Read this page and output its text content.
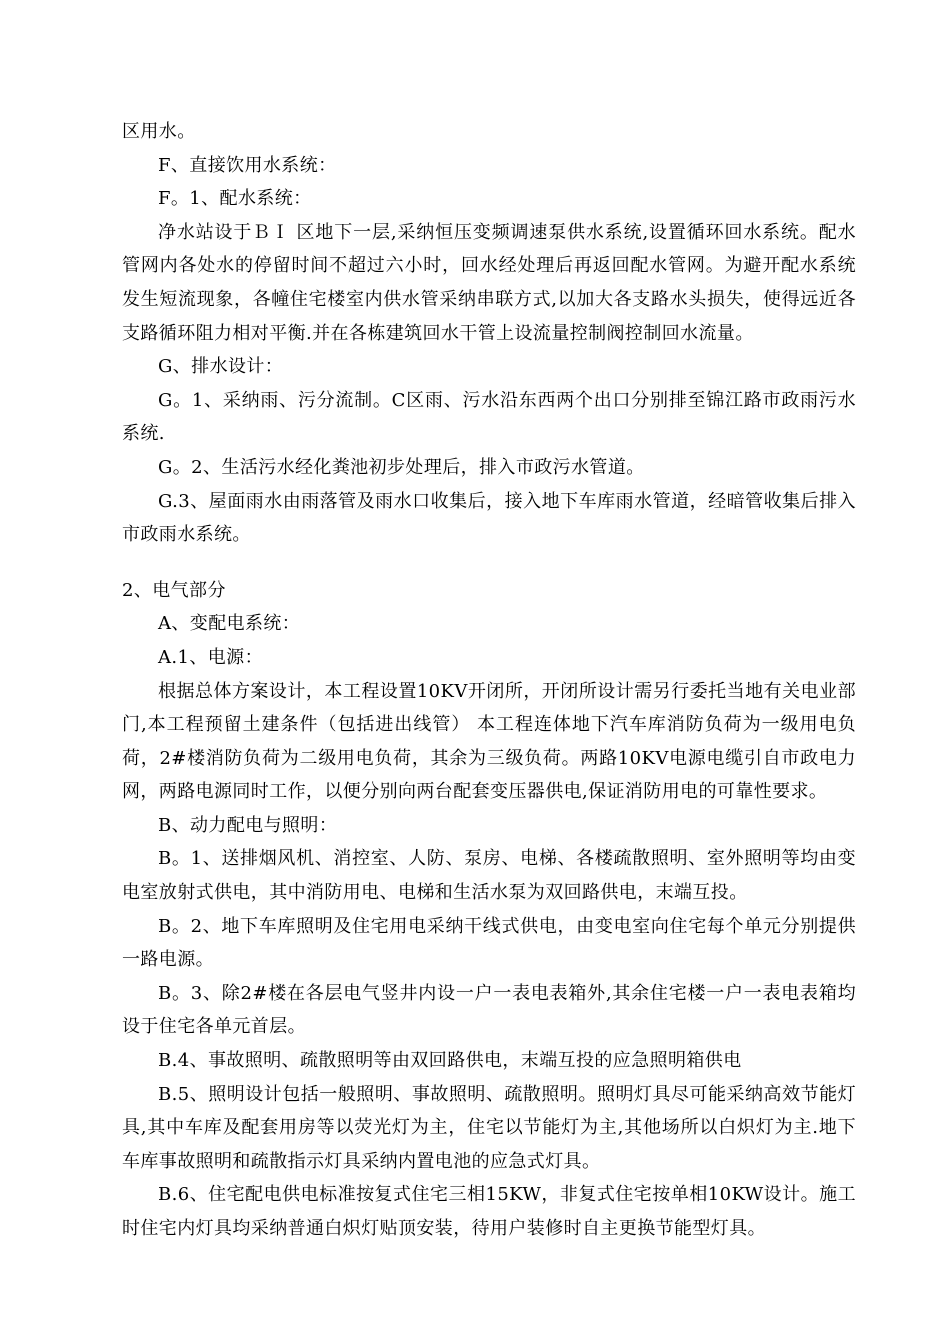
区用水。

F、直接饮用水系统：

F。1、配水系统：

净水站设于ＢＩ 区地下一层,采纳恒压变频调速泵供水系统,设置循环回水系统。配水管网内各处水的停留时间不超过六小时，回水经处理后再返回配水管网。为避开配水系统发生短流现象，各幢住宅楼室内供水管采纳串联方式,以加大各支路水头损失，使得远近各支路循环阻力相对平衡.并在各栋建筑回水干管上设流量控制阀控制回水流量。

G、排水设计：

G。1、采纳雨、污分流制。C区雨、污水沿东西两个出口分别排至锦江路市政雨污水系统.

G。2、生活污水经化粪池初步处理后，排入市政污水管道。

G.3、屋面雨水由雨落管及雨水口收集后，接入地下车库雨水管道，经暗管收集后排入市政雨水系统。

2、电气部分

A、变配电系统：

A.1、电源：

根据总体方案设计，本工程设置10KV开闭所，开闭所设计需另行委托当地有关电业部门,本工程预留土建条件（包括进出线管） 本工程连体地下汽车库消防负荷为一级用电负荷，2#楼消防负荷为二级用电负荷，其余为三级负荷。两路10KV电源电缆引自市政电力网，两路电源同时工作，以便分别向两台配套变压器供电,保证消防用电的可靠性要求。

B、动力配电与照明：

B。1、送排烟风机、消控室、人防、泵房、电梯、各楼疏散照明、室外照明等均由变电室放射式供电，其中消防用电、电梯和生活水泵为双回路供电，末端互投。

B。2、地下车库照明及住宅用电采纳干线式供电，由变电室向住宅每个单元分别提供一路电源。

B。3、除2#楼在各层电气竖井内设一户一表电表箱外,其余住宅楼一户一表电表箱均设于住宅各单元首层。

B.4、事故照明、疏散照明等由双回路供电，末端互投的应急照明箱供电

B.5、照明设计包括一般照明、事故照明、疏散照明。照明灯具尽可能采纳高效节能灯具,其中车库及配套用房等以荧光灯为主，住宅以节能灯为主,其他场所以白炽灯为主.地下车库事故照明和疏散指示灯具采纳内置电池的应急式灯具。

B.6、住宅配电供电标准按复式住宅三相15KW，非复式住宅按单相10KW设计。施工时住宅内灯具均采纳普通白炽灯贴顶安装，待用户装修时自主更换节能型灯具。
